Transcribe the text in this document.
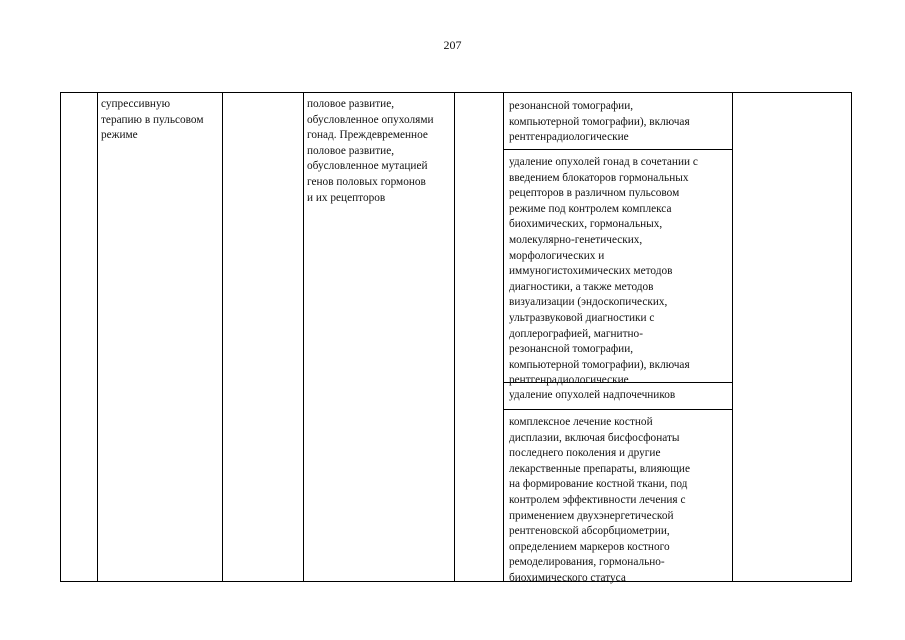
207
супрессивную
терапию в пульсовом
режиме
половое развитие,
обусловленное опухолями
гонад. Преждевременное
половое развитие,
обусловленное мутацией
генов половых гормонов
и их рецепторов
резонансной томографии,
компьютерной томографии), включая
рентгенрадиологические
удаление опухолей гонад в сочетании с
введением блокаторов гормональных
рецепторов в различном пульсовом
режиме под контролем комплекса
биохимических, гормональных,
молекулярно-генетических,
морфологических и
иммуногистохимических методов
диагностики, а также методов
визуализации (эндоскопических,
ультразвуковой диагностики с
доплерографией, магнитно-
резонансной томографии,
компьютерной томографии), включая
рентгенрадиологические
удаление опухолей надпочечников
комплексное лечение костной
дисплазии, включая бисфосфонаты
последнего поколения и другие
лекарственные препараты, влияющие
на формирование костной ткани, под
контролем эффективности лечения с
применением двухэнергетической
рентгеновской абсорбциометрии,
определением маркеров костного
ремоделирования, гормонально-
биохимического статуса
